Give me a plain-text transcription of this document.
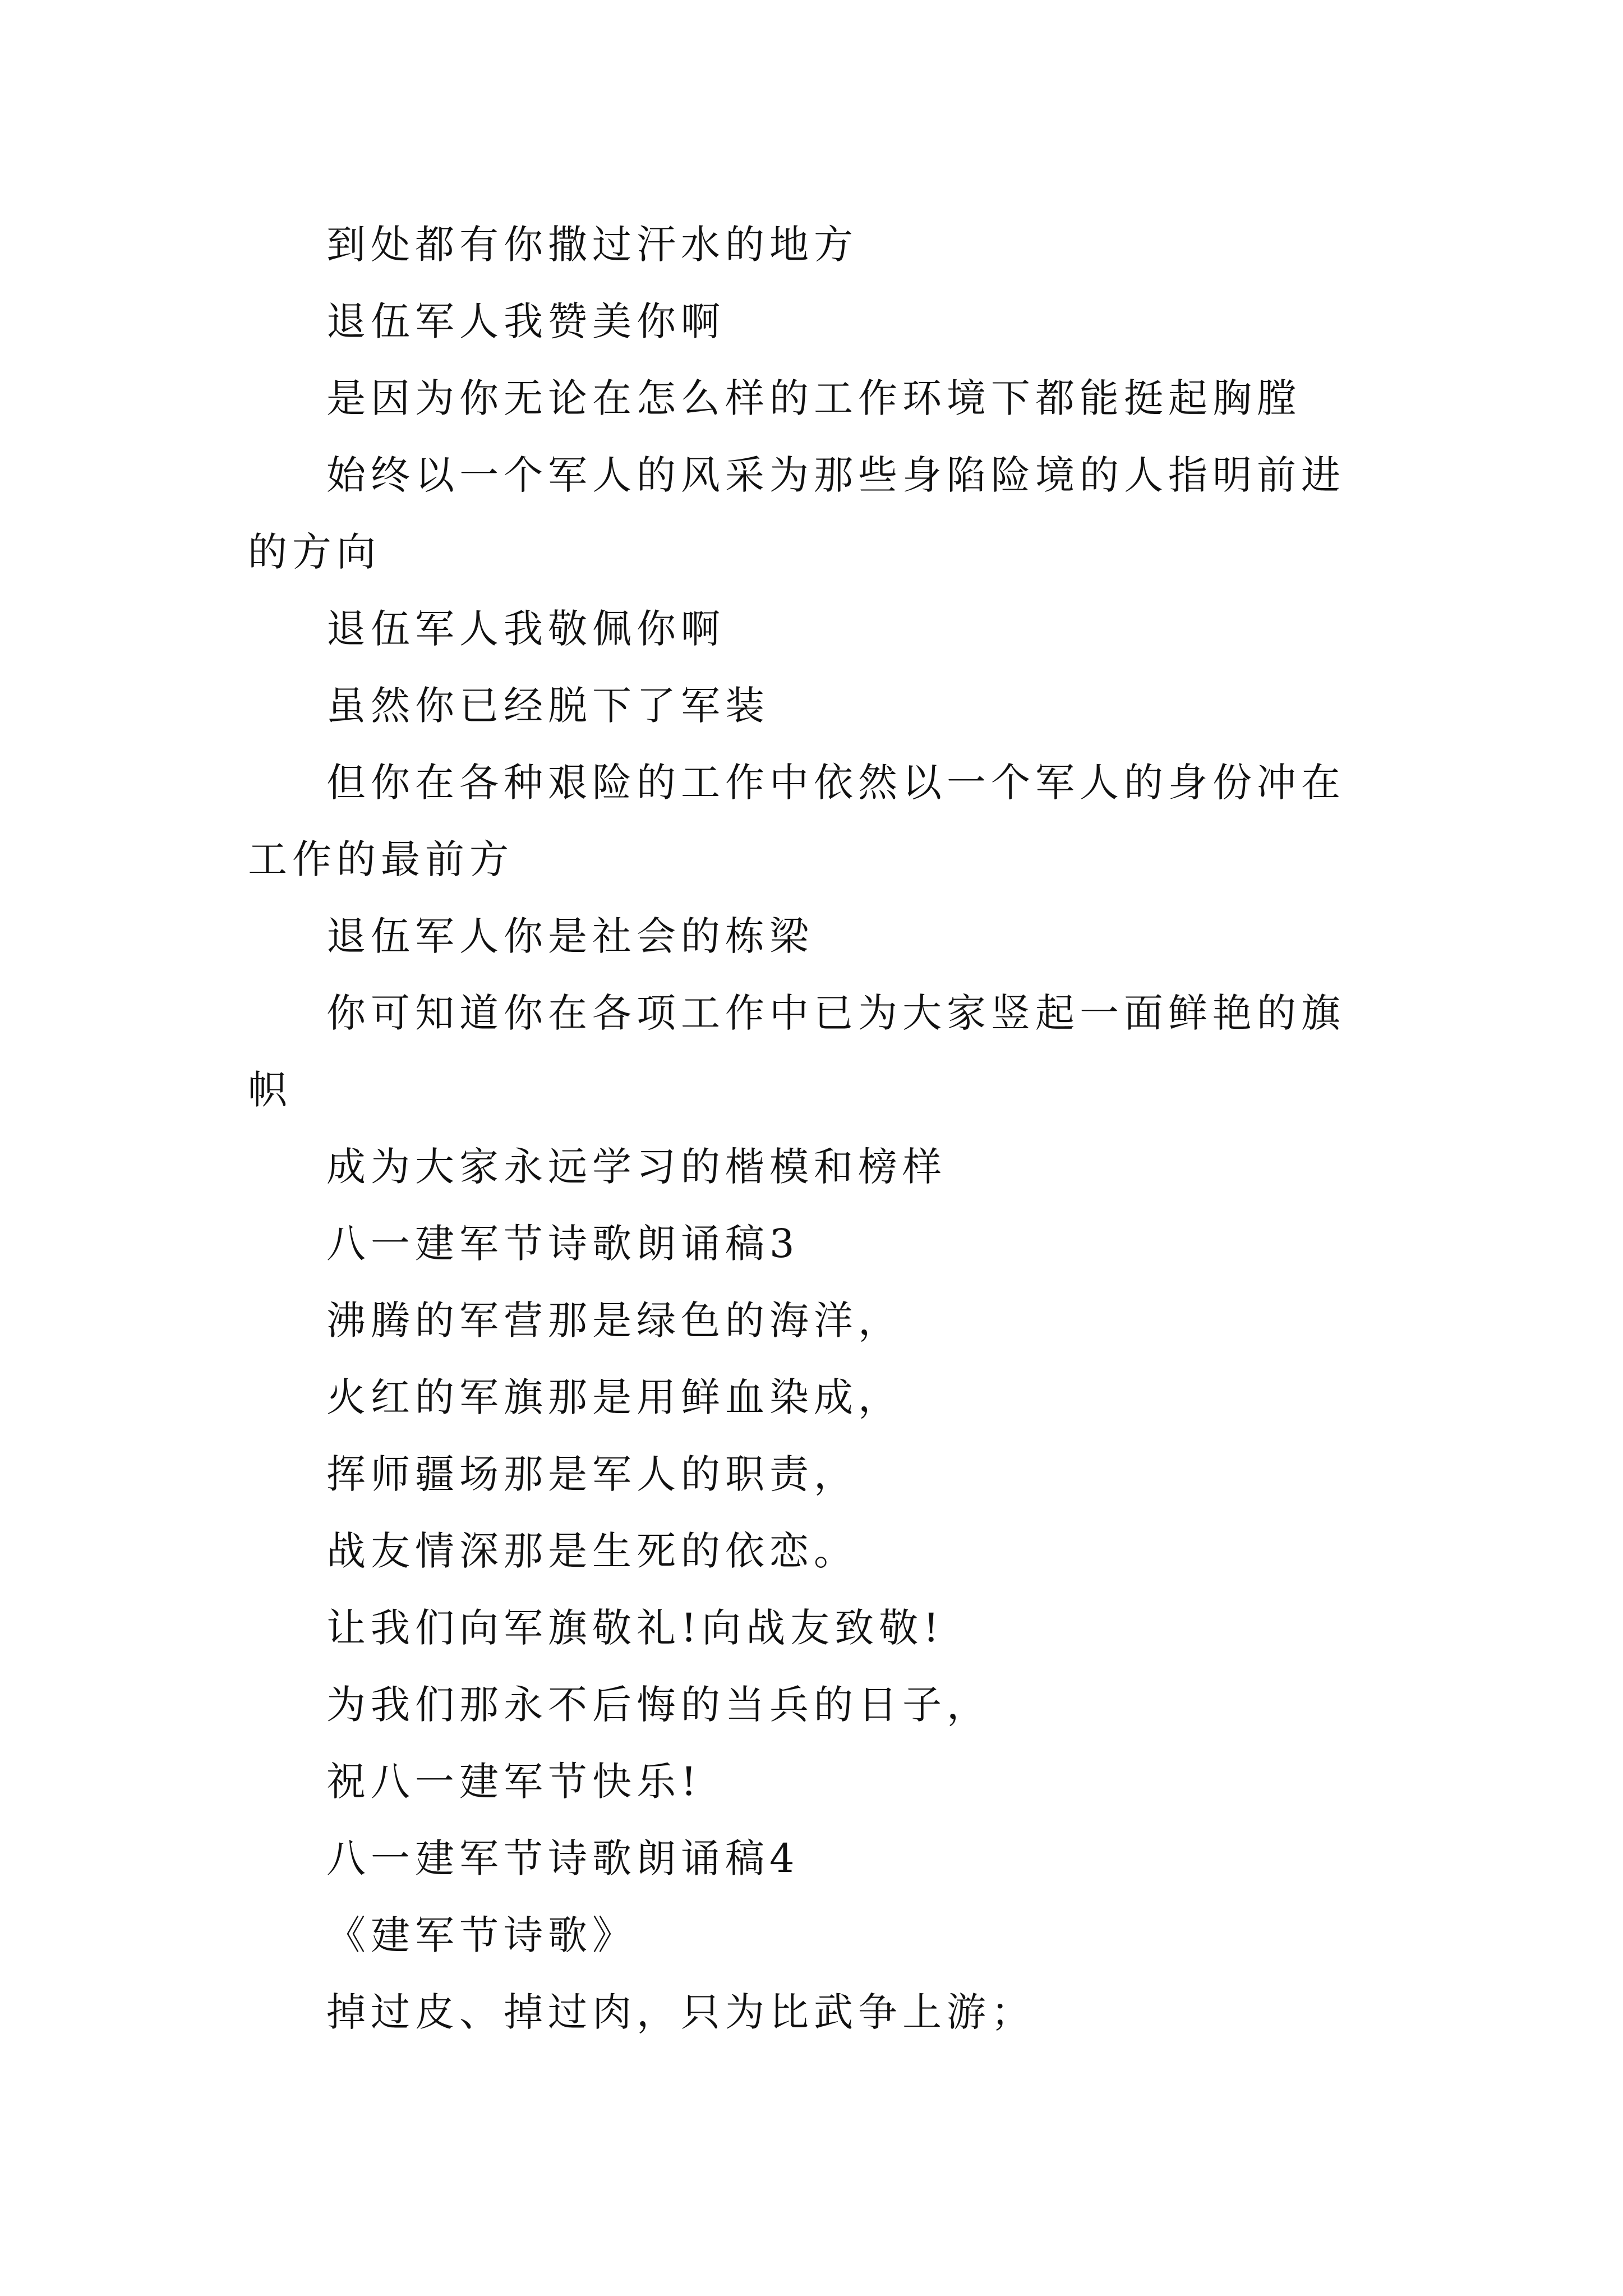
到处都有你撒过汗水的地方

退伍军人我赞美你啊

是因为你无论在怎么样的工作环境下都能挺起胸膛

始终以一个军人的风采为那些身陷险境的人指明前进的方向

退伍军人我敬佩你啊

虽然你已经脱下了军装

但你在各种艰险的工作中依然以一个军人的身份冲在工作的最前方

退伍军人你是社会的栋梁

你可知道你在各项工作中已为大家竖起一面鲜艳的旗帜

成为大家永远学习的楷模和榜样

八一建军节诗歌朗诵稿3

沸腾的军营那是绿色的海洋，

火红的军旗那是用鲜血染成，

挥师疆场那是军人的职责，

战友情深那是生死的依恋。

让我们向军旗敬礼!向战友致敬!

为我们那永不后悔的当兵的日子，

祝八一建军节快乐!

八一建军节诗歌朗诵稿4

《建军节诗歌》

掉过皮、掉过肉，只为比武争上游；
